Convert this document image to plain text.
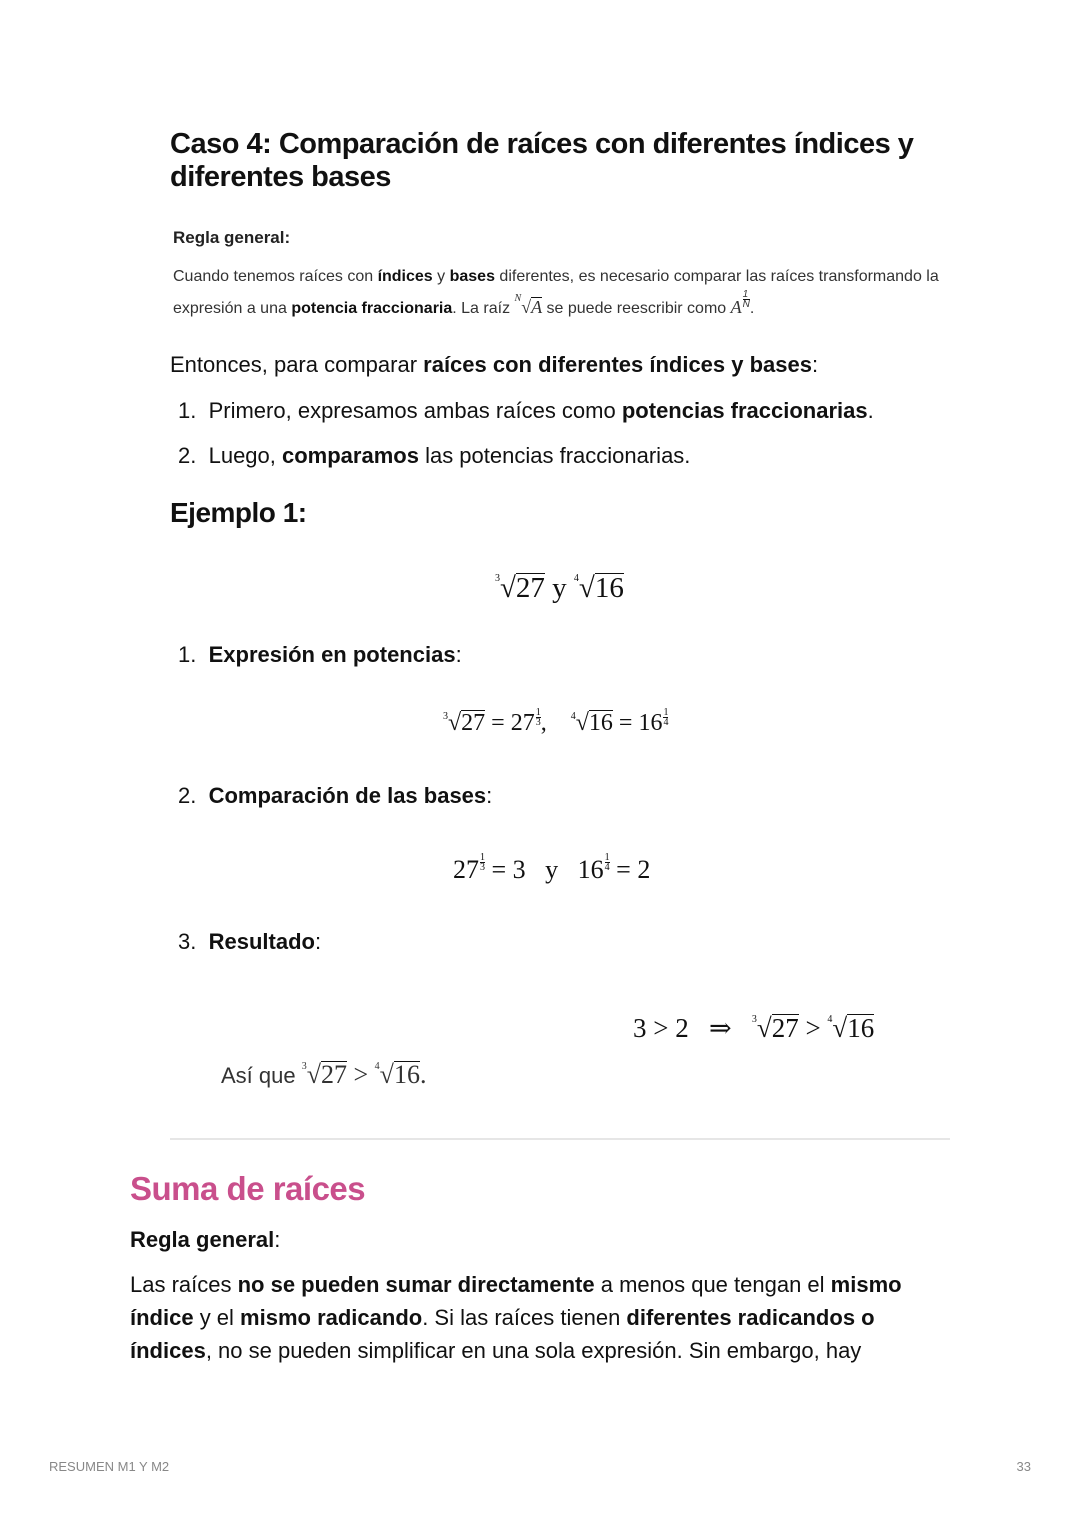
Caso 4: Comparación de raíces con diferentes índices y diferentes bases
Regla general:
Cuando tenemos raíces con índices y bases diferentes, es necesario comparar las raíces transformando la expresión a una potencia fraccionaria. La raíz N√A se puede reescribir como A $\frac{1}{N}$ .
Entonces, para comparar raíces con diferentes índices y bases:
1. Primero, expresamos ambas raíces como potencias fraccionarias.
2. Luego, comparamos las potencias fraccionarias.
Ejemplo 1:
3√27 y 4√16
1. Expresión en potencias:
$3√27 = 27 \frac{1}{3}$ , $4√16 = 16 \frac{1}{4}$
2. Comparación de las bases:
$27 \frac{1}{3} = 3$ y $16 \frac{1}{4} = 2$
3. Resultado:
3 > 2 ⇒ 3√27 > 4√16
Así que 3√27 > 4√16.
Suma de raíces
Regla general:
Las raíces no se pueden sumar directamente a menos que tengan el mismo índice y el mismo radicando. Si las raíces tienen diferentes radicandos o índices, no se pueden simplificar en una sola expresión. Sin embargo, hay
RESUMEN M1 Y M2	33
